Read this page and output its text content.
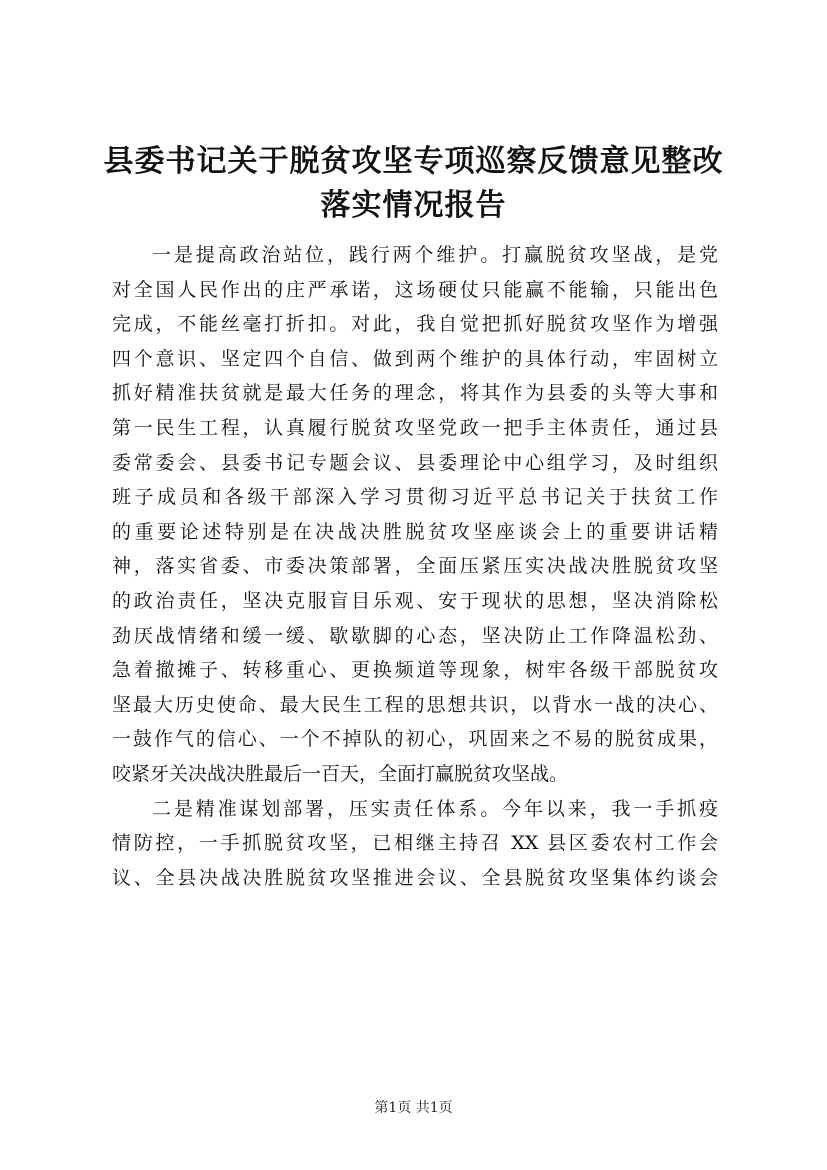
县委书记关于脱贫攻坚专项巡察反馈意见整改
落实情况报告
一是提高政治站位，践行两个维护。打赢脱贫攻坚战，是党
对全国人民作出的庄严承诺，这场硬仗只能赢不能输，只能出色
完成，不能丝毫打折扣。对此，我自觉把抓好脱贫攻坚作为增强
四个意识、坚定四个自信、做到两个维护的具体行动，牢固树立
抓好精准扶贫就是最大任务的理念，将其作为县委的头等大事和
第一民生工程，认真履行脱贫攻坚党政一把手主体责任，通过县
委常委会、县委书记专题会议、县委理论中心组学习，及时组织
班子成员和各级干部深入学习贯彻习近平总书记关于扶贫工作
的重要论述特别是在决战决胜脱贫攻坚座谈会上的重要讲话精
神，落实省委、市委决策部署，全面压紧压实决战决胜脱贫攻坚
的政治责任，坚决克服盲目乐观、安于现状的思想，坚决消除松
劲厌战情绪和缓一缓、歇歇脚的心态，坚决防止工作降温松劲、
急着撤摊子、转移重心、更换频道等现象，树牢各级干部脱贫攻
坚最大历史使命、最大民生工程的思想共识，以背水一战的决心、
一鼓作气的信心、一个不掉队的初心，巩固来之不易的脱贫成果，
咬紧牙关决战决胜最后一百天，全面打赢脱贫攻坚战。
二是精准谋划部署，压实责任体系。今年以来，我一手抓疫
情防控，一手抓脱贫攻坚，已相继主持召 XX 县区委农村工作会
议、全县决战决胜脱贫攻坚推进会议、全县脱贫攻坚集体约谈会
第1页 共1页
